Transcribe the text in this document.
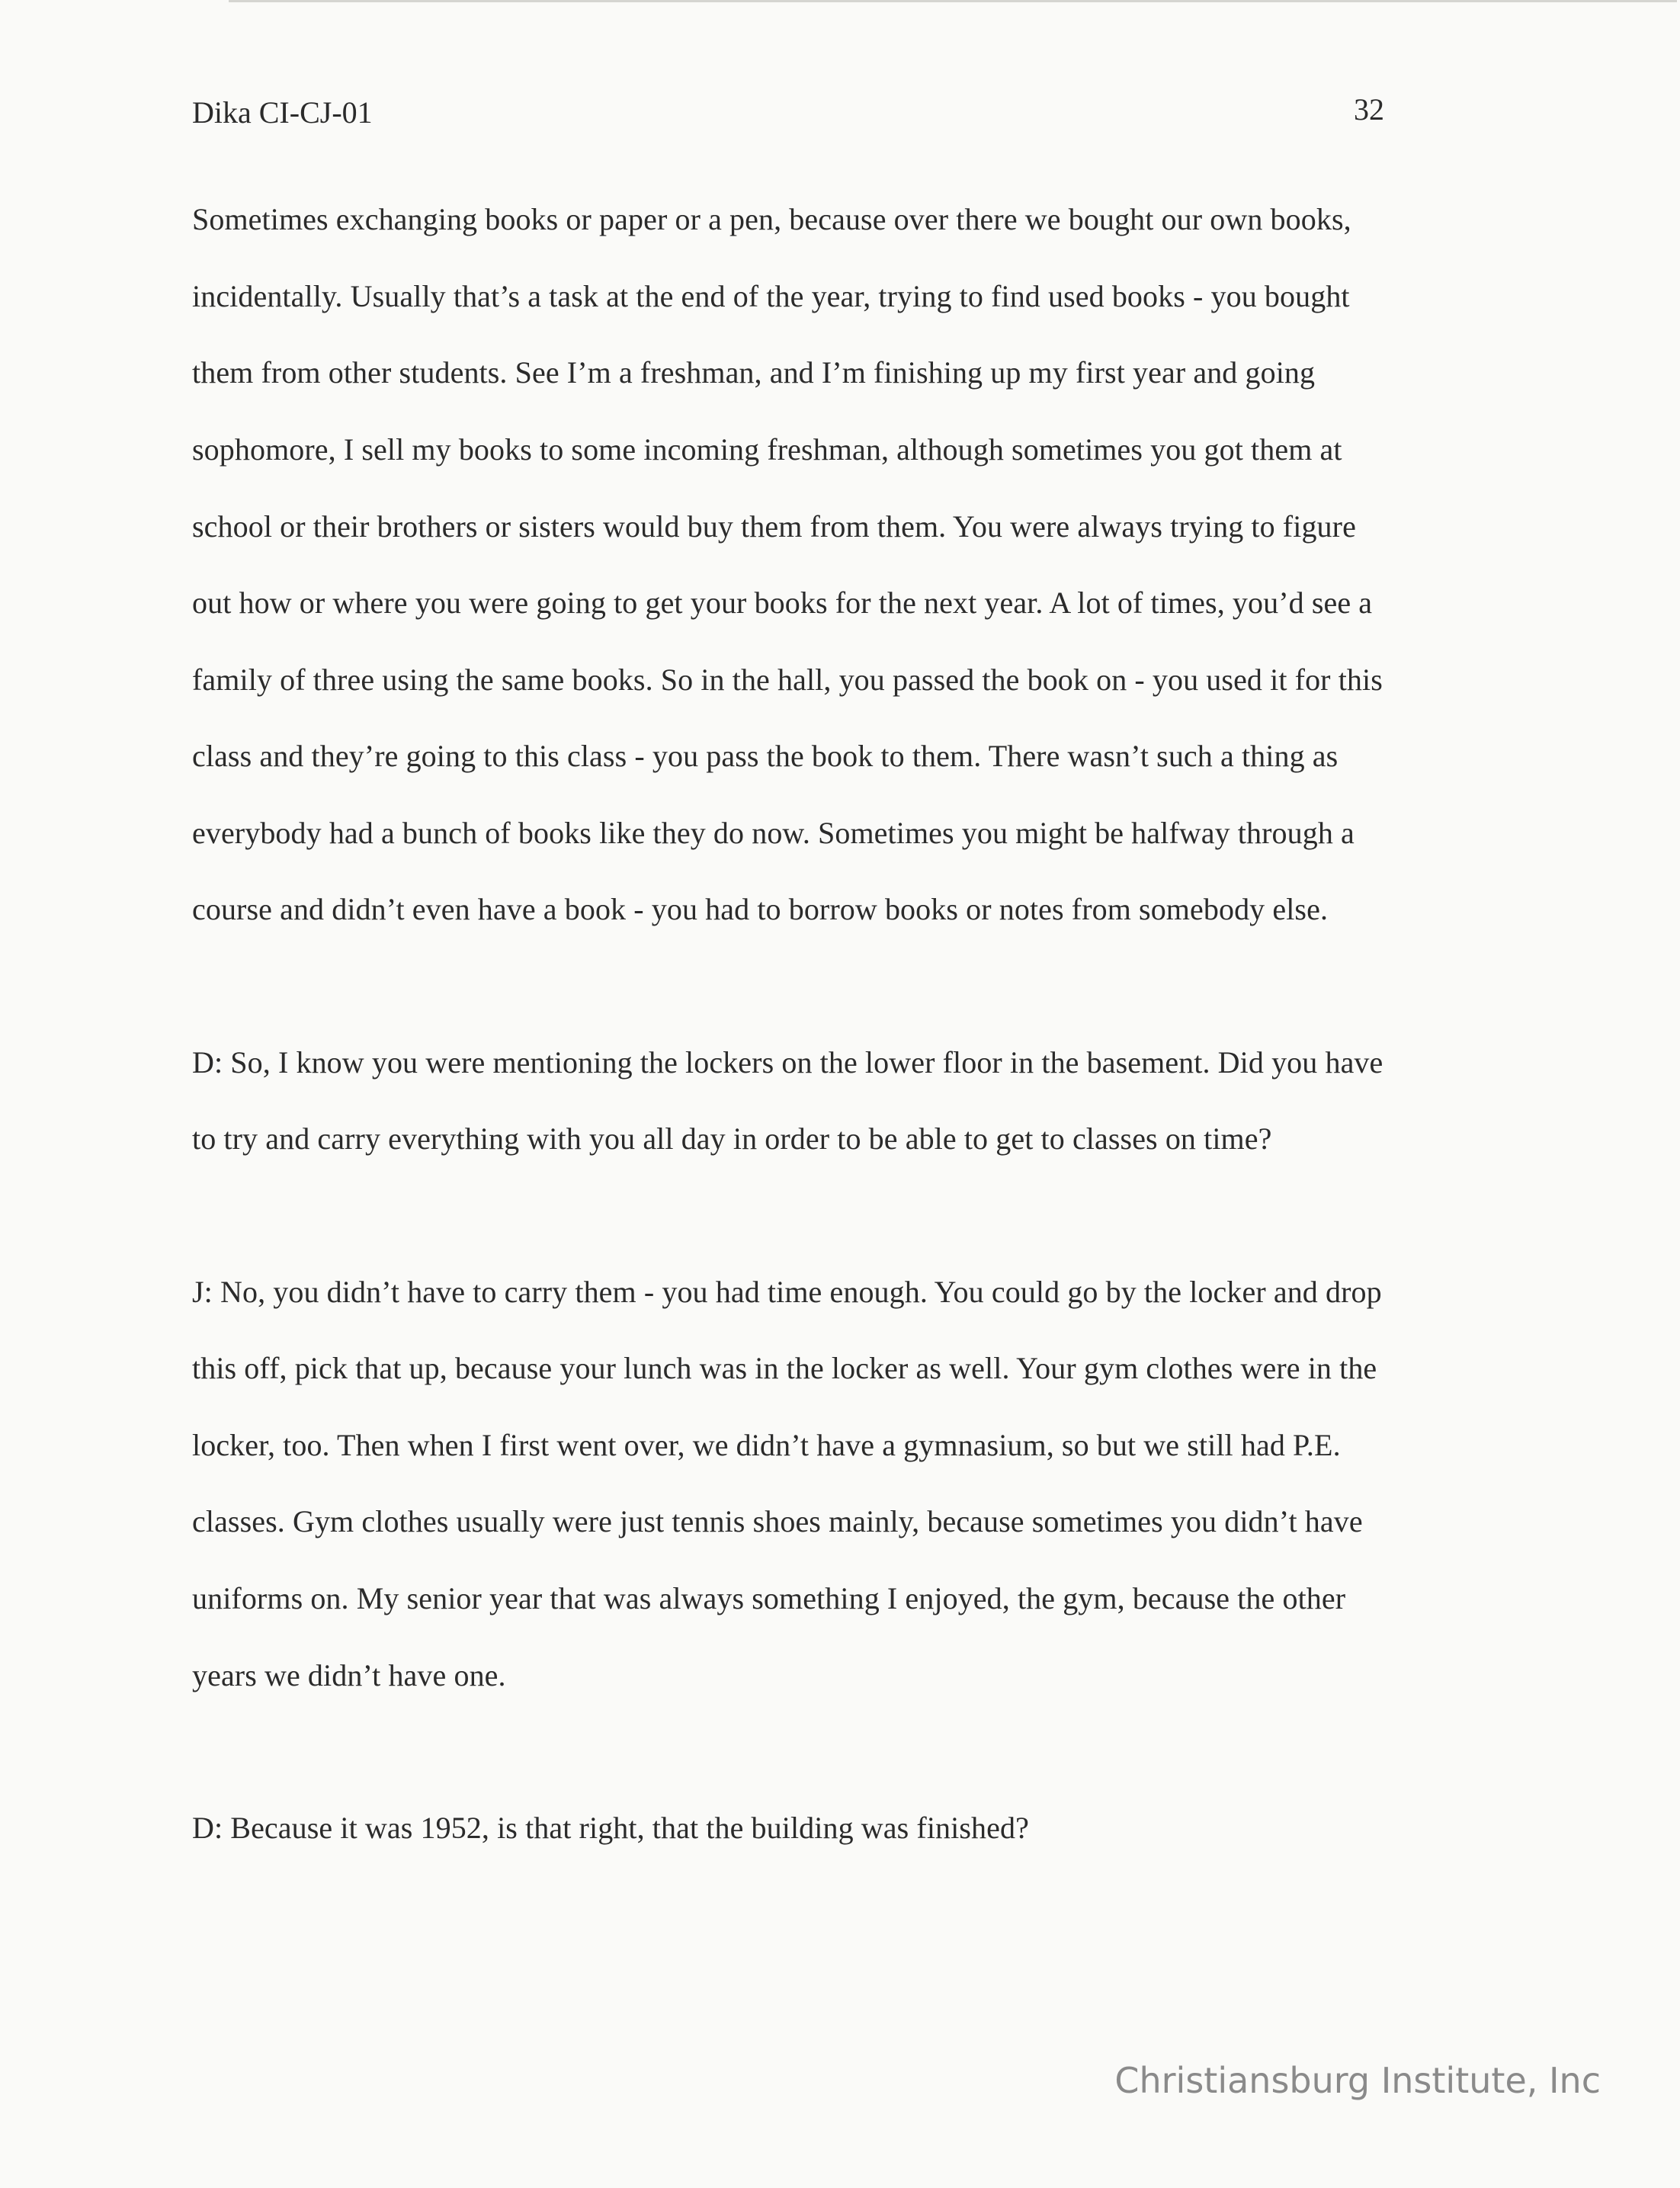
Dika CI-CJ-01	32
Sometimes exchanging books or paper or a pen, because over there we bought our own books,
incidentally. Usually that’s a task at the end of the year, trying to find used books - you bought
them from other students. See I’m a freshman, and I’m finishing up my first year and going
sophomore, I sell my books to some incoming freshman, although sometimes you got them at
school or their brothers or sisters would buy them from them. You were always trying to figure
out how or where you were going to get your books for the next year. A lot of times, you’d see a
family of three using the same books. So in the hall, you passed the book on - you used it for this
class and they’re going to this class - you pass the book to them. There wasn’t such a thing as
everybody had a bunch of books like they do now. Sometimes you might be halfway through a
course and didn’t even have a book - you had to borrow books or notes from somebody else.
D: So, I know you were mentioning the lockers on the lower floor in the basement. Did you have
to try and carry everything with you all day in order to be able to get to classes on time?
J: No, you didn’t have to carry them - you had time enough. You could go by the locker and drop
this off, pick that up, because your lunch was in the locker as well. Your gym clothes were in the
locker, too. Then when I first went over, we didn’t have a gymnasium, so but we still had P.E.
classes. Gym clothes usually were just tennis shoes mainly, because sometimes you didn’t have
uniforms on. My senior year that was always something I enjoyed, the gym, because the other
years we didn’t have one.
D: Because it was 1952, is that right, that the building was finished?
Christiansburg Institute, Inc
